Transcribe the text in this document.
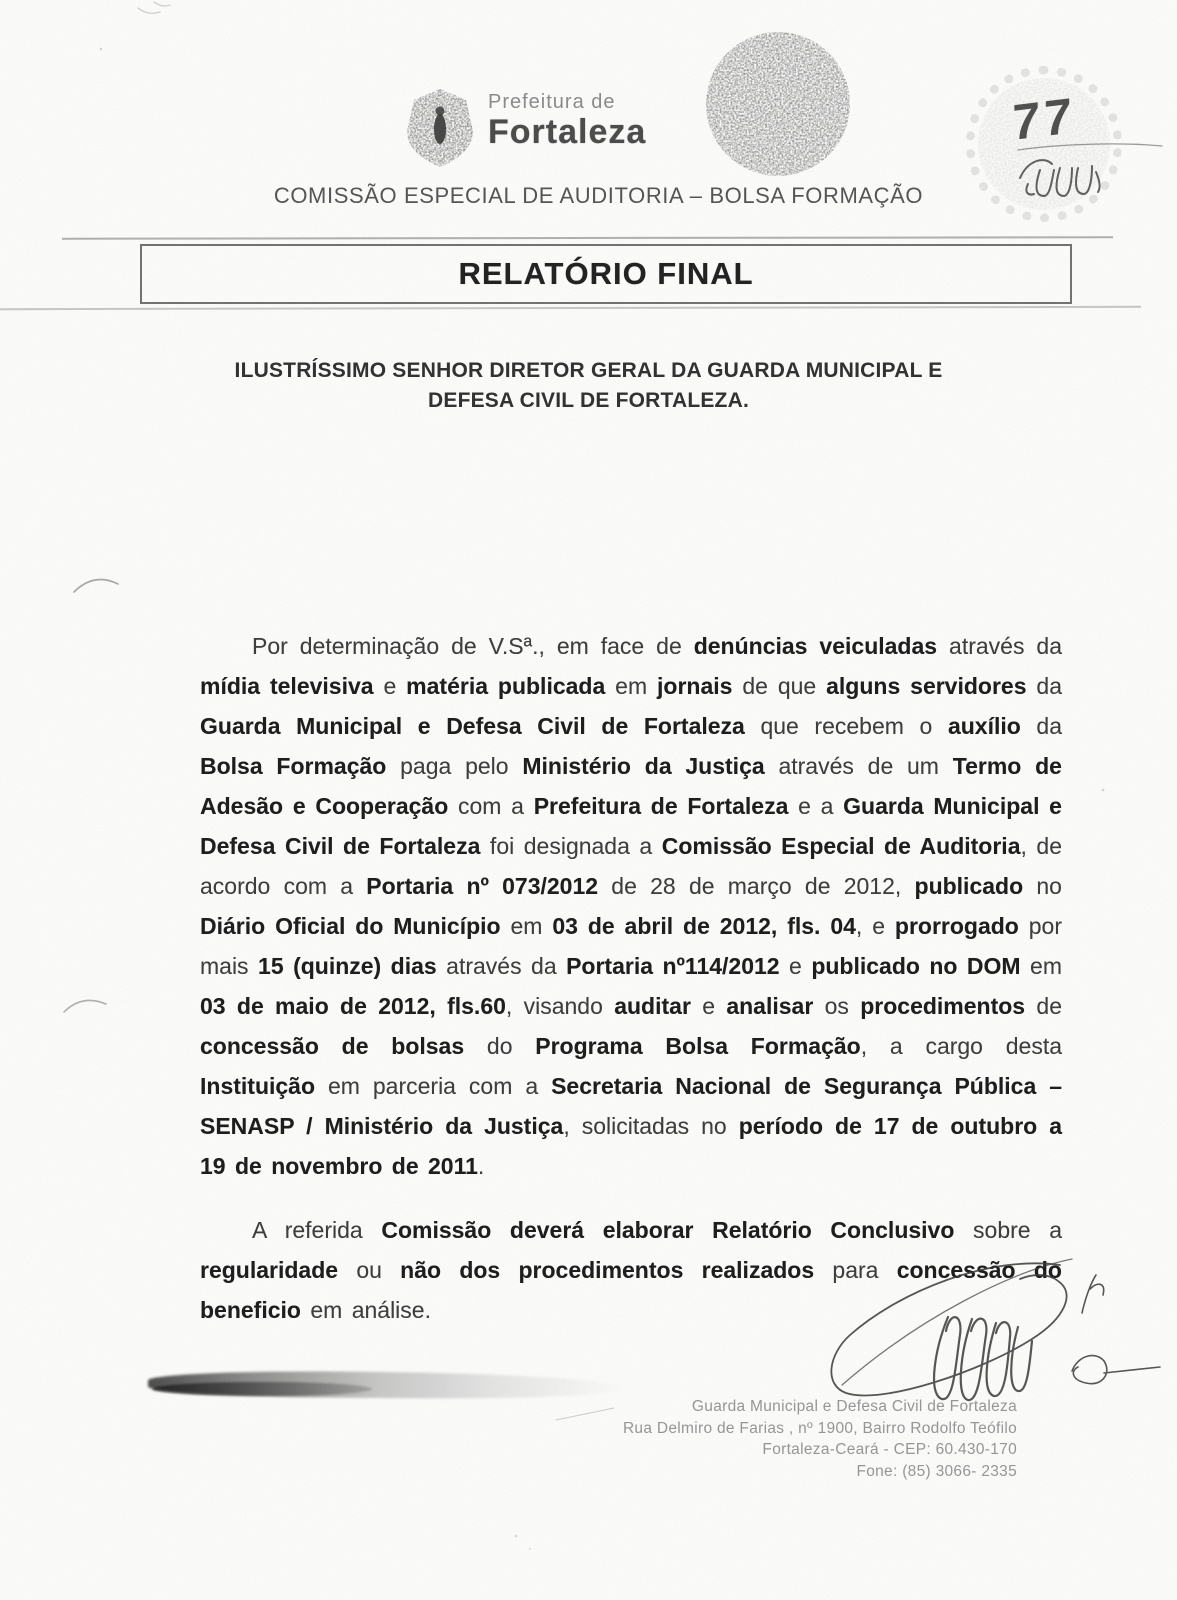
Prefeitura de
Fortaleza	77
COMISSÃO ESPECIAL DE AUDITORIA – BOLSA FORMAÇÃO
RELATÓRIO FINAL
ILUSTRÍSSIMO SENHOR DIRETOR GERAL DA GUARDA MUNICIPAL E
DEFESA CIVIL DE FORTALEZA.

Por determinação de V.Sª., em face de denúncias veiculadas através da mídia televisiva e matéria publicada em jornais de que alguns servidores da Guarda Municipal e Defesa Civil de Fortaleza que recebem o auxílio da Bolsa Formação paga pelo Ministério da Justiça através de um Termo de Adesão e Cooperação com a Prefeitura de Fortaleza e a Guarda Municipal e Defesa Civil de Fortaleza foi designada a Comissão Especial de Auditoria, de acordo com a Portaria nº 073/2012 de 28 de março de 2012, publicado no Diário Oficial do Município em 03 de abril de 2012, fls. 04, e prorrogado por mais 15 (quinze) dias através da Portaria nº114/2012 e publicado no DOM em 03 de maio de 2012, fls.60, visando auditar e analisar os procedimentos de concessão de bolsas do Programa Bolsa Formação, a cargo desta Instituição em parceria com a Secretaria Nacional de Segurança Pública – SENASP / Ministério da Justiça, solicitadas no período de 17 de outubro a 19 de novembro de 2011.

A referida Comissão deverá elaborar Relatório Conclusivo sobre a regularidade ou não dos procedimentos realizados para concessão do beneficio em análise.

Guarda Municipal e Defesa Civil de Fortaleza
Rua Delmiro de Farias , nº 1900, Bairro Rodolfo Teófilo
Fortaleza-Ceará - CEP: 60.430-170
Fone: (85) 3066- 2335
